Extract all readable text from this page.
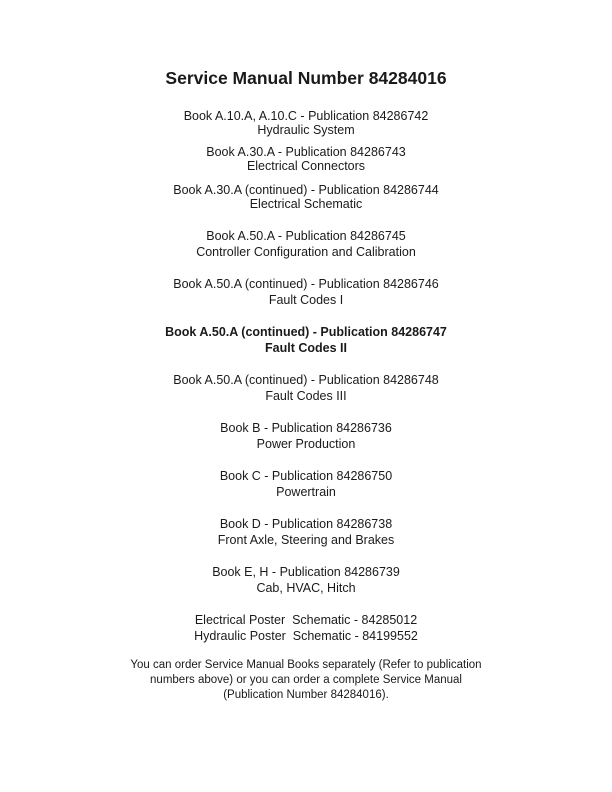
Service Manual Number 84284016
Book A.10.A, A.10.C - Publication 84286742
Hydraulic System
Book A.30.A - Publication 84286743
Electrical Connectors
Book A.30.A (continued) - Publication 84286744
Electrical Schematic
Book A.50.A - Publication 84286745
Controller Configuration and Calibration
Book A.50.A (continued) - Publication 84286746
Fault Codes I
Book A.50.A (continued) - Publication 84286747
Fault Codes II
Book A.50.A (continued) - Publication 84286748
Fault Codes III
Book B - Publication 84286736
Power Production
Book C - Publication 84286750
Powertrain
Book D - Publication 84286738
Front Axle, Steering and Brakes
Book E, H - Publication 84286739
Cab, HVAC, Hitch
Electrical Poster  Schematic - 84285012
Hydraulic Poster  Schematic - 84199552
You can order Service Manual Books separately (Refer to publication numbers above) or you can order a complete Service Manual (Publication Number 84284016).
